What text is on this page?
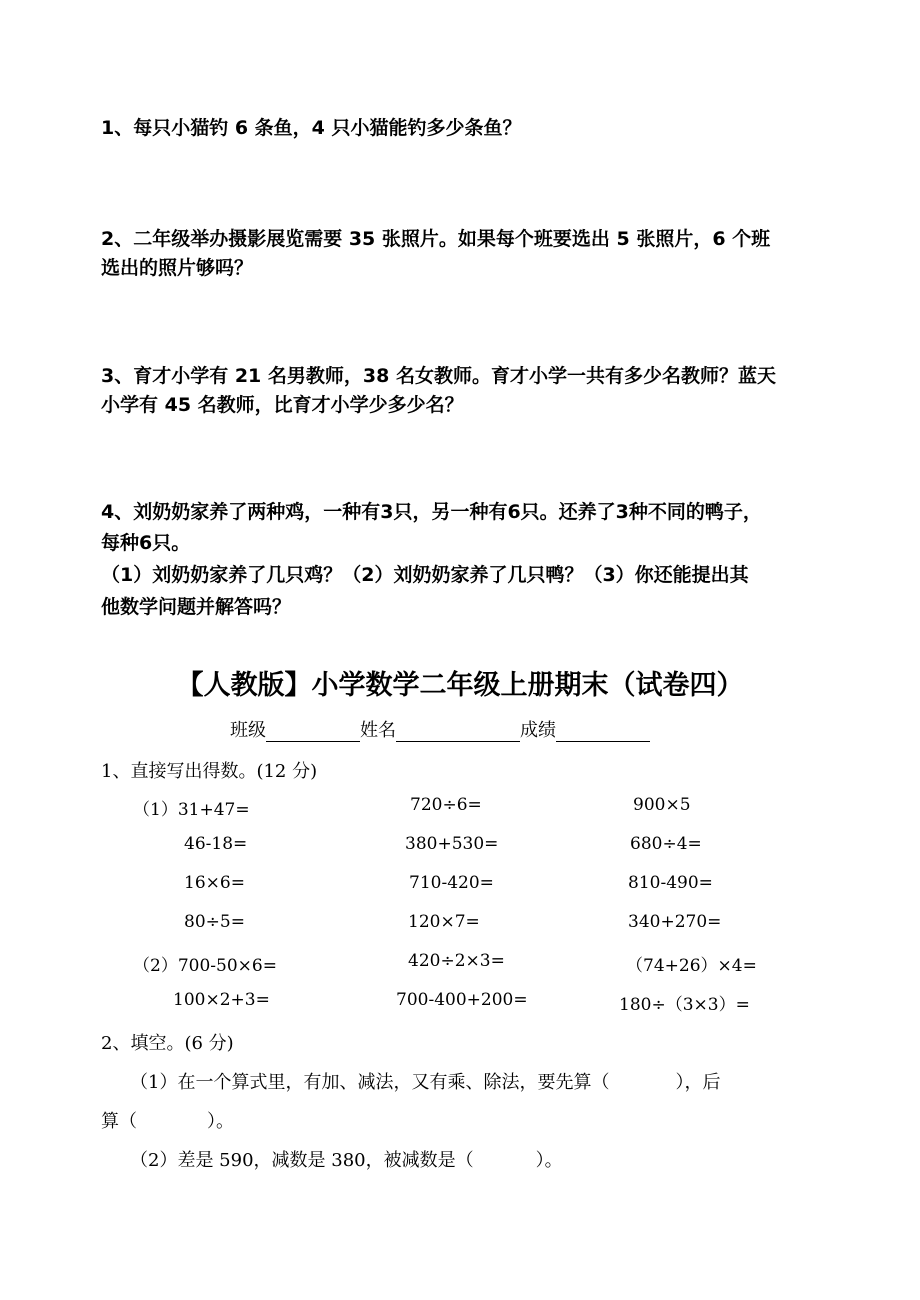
1、每只小猫钓 6 条鱼，4 只小猫能钓多少条鱼？
2、二年级举办摄影展览需要 35 张照片。如果每个班要选出 5 张照片，6 个班
选出的照片够吗？
3、育才小学有 21 名男教师，38 名女教师。育才小学一共有多少名教师？蓝天
小学有 45 名教师，比育才小学少多少名？
4、刘奶奶家养了两种鸡，一种有3只，另一种有6只。还养了3种不同的鸭子，
每种6只。
（1）刘奶奶家养了几只鸡？（2）刘奶奶家养了几只鸭？（3）你还能提出其
他数学问题并解答吗？
【人教版】小学数学二年级上册期末（试卷四）
班级	姓名	成绩
1、直接写出得数。(12 分)
（1）31+47=	720÷6=	900×5
46-18=	380+530=	680÷4=
16×6=	710-420=	810-490=
80÷5=	120×7=	340+270=
（2）700-50×6=	420÷2×3=	（74+26）×4=
100×2+3=	700-400+200=	180÷（3×3）=
2、填空。(6 分)
（1）在一个算式里，有加、减法，又有乘、除法，要先算（	），后
算（	）。
（2）差是 590，减数是 380，被减数是（	）。
